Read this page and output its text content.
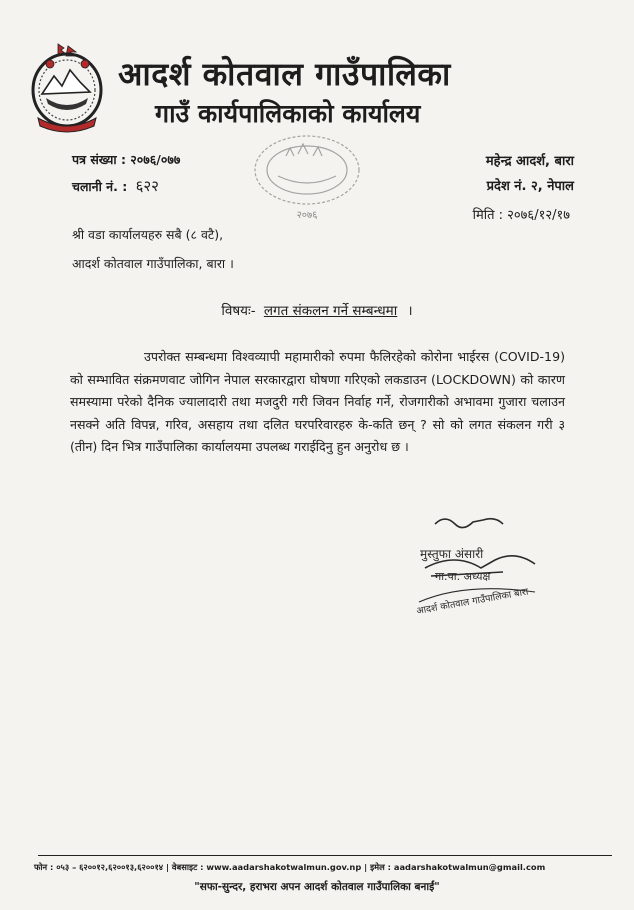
आदर्श कोतवाल गाउँपालिका
गाउँ कार्यपालिकाको कार्यालय
पत्र संख्या : २०७६/०७७
चलानी नं. : ६२२
२०७६
महेन्द्र आदर्श, बारा
प्रदेश नं. २, नेपाल
मिति : २०७६/१२/१७
श्री वडा कार्यालयहरु सबै (८ वटै),
आदर्श कोतवाल गाउँपालिका, बारा ।
विषयः- लगत संकलन गर्ने सम्बन्धमा ।
उपरोक्त सम्बन्धमा विश्वव्यापी महामारीको रुपमा फैलिरहेको कोरोना भाईरस (COVID-19) को सम्भावित संक्रमणवाट जोगिन नेपाल सरकारद्वारा घोषणा गरिएको लकडाउन (LOCKDOWN) को कारण समस्यामा परेको दैनिक ज्यालादारी तथा मजदुरी गरी जिवन निर्वाह गर्ने, रोजगारीको अभावमा गुजारा चलाउन नसक्ने अति विपन्न, गरिव, असहाय तथा दलित घरपरिवारहरु के-कति छन् ? सो को लगत संकलन गरी ३ (तीन) दिन भित्र गाउँपालिका कार्यालयमा उपलब्ध गराईदिनु हुन अनुरोध छ ।
मुस्तुफा अंसारी
गा.पा. अध्यक्ष
आदर्श कोतवाल गाउँपालिका बारा
फोन : ०५३ – ६२००१२,६२००१३,६२००१४ | वेबसाइट : www.aadarshakotwalmun.gov.np | इमेल : aadarshakotwalmun@gmail.com
"सफा-सुन्दर, हराभरा अपन आदर्श कोतवाल गाउँपालिका बनाईं"
